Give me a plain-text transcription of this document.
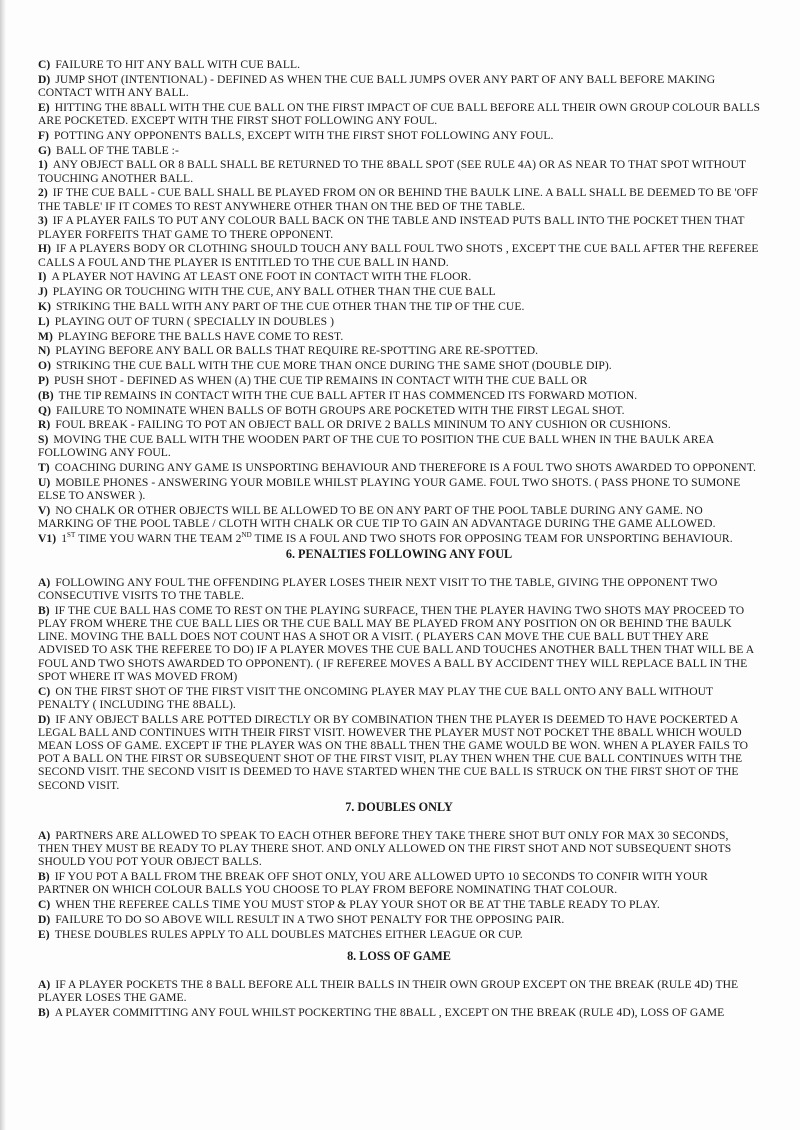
C) FAILURE TO HIT ANY BALL WITH CUE BALL.

D) JUMP SHOT (INTENTIONAL) - DEFINED AS WHEN THE CUE BALL JUMPS OVER ANY PART OF ANY BALL BEFORE MAKING CONTACT WITH ANY BALL.

E) HITTING THE 8BALL WITH THE CUE BALL ON THE FIRST IMPACT OF CUE BALL BEFORE ALL THEIR OWN GROUP COLOUR BALLS ARE POCKETED. EXCEPT WITH THE FIRST SHOT FOLLOWING ANY FOUL.

F) POTTING ANY OPPONENTS BALLS, EXCEPT WITH THE FIRST SHOT FOLLOWING ANY FOUL.

G) BALL OF THE TABLE :-

1) ANY OBJECT BALL OR 8 BALL SHALL BE RETURNED TO THE 8BALL SPOT (SEE RULE 4A) OR AS NEAR TO THAT SPOT WITHOUT TOUCHING ANOTHER BALL.

2) IF THE CUE BALL - CUE BALL SHALL BE PLAYED FROM ON OR BEHIND THE BAULK LINE. A BALL SHALL BE DEEMED TO BE 'OFF THE TABLE' IF IT COMES TO REST ANYWHERE OTHER THAN ON THE BED OF THE TABLE.

3) IF A PLAYER FAILS TO PUT ANY COLOUR BALL BACK ON THE TABLE AND INSTEAD PUTS BALL INTO THE POCKET THEN THAT PLAYER FORFEITS THAT GAME TO THERE OPPONENT.

H) IF A PLAYERS BODY OR CLOTHING SHOULD TOUCH ANY BALL FOUL TWO SHOTS , EXCEPT THE CUE BALL AFTER THE REFEREE CALLS A FOUL AND THE PLAYER IS ENTITLED TO THE CUE BALL IN HAND.

I) A PLAYER NOT HAVING AT LEAST ONE FOOT IN CONTACT WITH THE FLOOR.

J) PLAYING OR TOUCHING WITH THE CUE, ANY BALL OTHER THAN THE CUE BALL

K) STRIKING THE BALL WITH ANY PART OF THE CUE OTHER THAN THE TIP OF THE CUE.

L) PLAYING OUT OF TURN ( SPECIALLY IN DOUBLES )

M) PLAYING BEFORE THE BALLS HAVE COME TO REST.

N) PLAYING BEFORE ANY BALL OR BALLS THAT REQUIRE RE-SPOTTING ARE RE-SPOTTED.

O) STRIKING THE CUE BALL WITH THE CUE MORE THAN ONCE DURING THE SAME SHOT (DOUBLE DIP).

P) PUSH SHOT - DEFINED AS WHEN (A) THE CUE TIP REMAINS IN CONTACT WITH THE CUE BALL OR

(B) THE TIP REMAINS IN CONTACT WITH THE CUE BALL AFTER IT HAS COMMENCED ITS FORWARD MOTION.

Q) FAILURE TO NOMINATE WHEN BALLS OF BOTH GROUPS ARE POCKETED WITH THE FIRST LEGAL SHOT.

R) FOUL BREAK - FAILING TO POT AN OBJECT BALL OR DRIVE 2 BALLS MININUM TO ANY CUSHION OR CUSHIONS.

S) MOVING THE CUE BALL WITH THE WOODEN PART OF THE CUE TO POSITION THE CUE BALL WHEN IN THE BAULK AREA FOLLOWING ANY FOUL.

T) COACHING DURING ANY GAME IS UNSPORTING BEHAVIOUR AND THEREFORE IS A FOUL TWO SHOTS AWARDED TO OPPONENT.

U) MOBILE PHONES - ANSWERING YOUR MOBILE WHILST PLAYING YOUR GAME. FOUL TWO SHOTS. ( PASS PHONE TO SUMONE ELSE TO ANSWER ).

V) NO CHALK OR OTHER OBJECTS WILL BE ALLOWED TO BE ON ANY PART OF THE POOL TABLE DURING ANY GAME. NO MARKING OF THE POOL TABLE / CLOTH WITH CHALK OR CUE TIP TO GAIN AN ADVANTAGE DURING THE GAME ALLOWED.

V1) 1ST TIME YOU WARN THE TEAM 2ND TIME IS A FOUL AND TWO SHOTS FOR OPPOSING TEAM FOR UNSPORTING BEHAVIOUR.

6. PENALTIES FOLLOWING ANY FOUL

A) FOLLOWING ANY FOUL THE OFFENDING PLAYER LOSES THEIR NEXT VISIT TO THE TABLE, GIVING THE OPPONENT TWO CONSECUTIVE VISITS TO THE TABLE.

B) IF THE CUE BALL HAS COME TO REST ON THE PLAYING SURFACE, THEN THE PLAYER HAVING TWO SHOTS MAY PROCEED TO PLAY FROM WHERE THE CUE BALL LIES OR THE CUE BALL MAY BE PLAYED FROM ANY POSITION ON OR BEHIND THE BAULK LINE. MOVING THE BALL DOES NOT COUNT HAS A SHOT OR A VISIT. ( PLAYERS CAN MOVE THE CUE BALL BUT THEY ARE ADVISED TO ASK THE REFEREE TO DO) IF A PLAYER MOVES THE CUE BALL AND TOUCHES ANOTHER BALL THEN THAT WILL BE A FOUL AND TWO SHOTS AWARDED TO OPPONENT). ( IF REFEREE MOVES A BALL BY ACCIDENT THEY WILL REPLACE BALL IN THE SPOT WHERE IT WAS MOVED FROM)

C) ON THE FIRST SHOT OF THE FIRST VISIT THE ONCOMING PLAYER MAY PLAY THE CUE BALL ONTO ANY BALL WITHOUT PENALTY ( INCLUDING THE 8BALL).

D) IF ANY OBJECT BALLS ARE POTTED DIRECTLY OR BY COMBINATION THEN THE PLAYER IS DEEMED TO HAVE POCKERTED A LEGAL BALL AND CONTINUES WITH THEIR FIRST VISIT. HOWEVER THE PLAYER MUST NOT POCKET THE 8BALL WHICH WOULD MEAN LOSS OF GAME. EXCEPT IF THE PLAYER WAS ON THE 8BALL THEN THE GAME WOULD BE WON. WHEN A PLAYER FAILS TO POT A BALL ON THE FIRST OR SUBSEQUENT SHOT OF THE FIRST VISIT, PLAY THEN WHEN THE CUE BALL CONTINUES WITH THE SECOND VISIT. THE SECOND VISIT IS DEEMED TO HAVE STARTED WHEN THE CUE BALL IS STRUCK ON THE FIRST SHOT OF THE SECOND VISIT.

7. DOUBLES ONLY

A) PARTNERS ARE ALLOWED TO SPEAK TO EACH OTHER BEFORE THEY TAKE THERE SHOT BUT ONLY FOR MAX 30 SECONDS, THEN THEY MUST BE READY TO PLAY THERE SHOT. AND ONLY ALLOWED ON THE FIRST SHOT AND NOT SUBSEQUENT SHOTS SHOULD YOU POT YOUR OBJECT BALLS.

B) IF YOU POT A BALL FROM THE BREAK OFF SHOT ONLY, YOU ARE ALLOWED UPTO 10 SECONDS TO CONFIR WITH YOUR PARTNER ON WHICH COLOUR BALLS YOU CHOOSE TO PLAY FROM BEFORE NOMINATING THAT COLOUR.

C) WHEN THE REFEREE CALLS TIME YOU MUST STOP & PLAY YOUR SHOT OR BE AT THE TABLE READY TO PLAY.

D) FAILURE TO DO SO ABOVE WILL RESULT IN A TWO SHOT PENALTY FOR THE OPPOSING PAIR.

E) THESE DOUBLES RULES APPLY TO ALL DOUBLES MATCHES EITHER LEAGUE OR CUP.

8. LOSS OF GAME

A) IF A PLAYER POCKETS THE 8 BALL BEFORE ALL THEIR BALLS IN THEIR OWN GROUP EXCEPT ON THE BREAK (RULE 4D) THE PLAYER LOSES THE GAME.

B) A PLAYER COMMITTING ANY FOUL WHILST POCKERTING THE 8BALL , EXCEPT ON THE BREAK (RULE 4D), LOSS OF GAME
